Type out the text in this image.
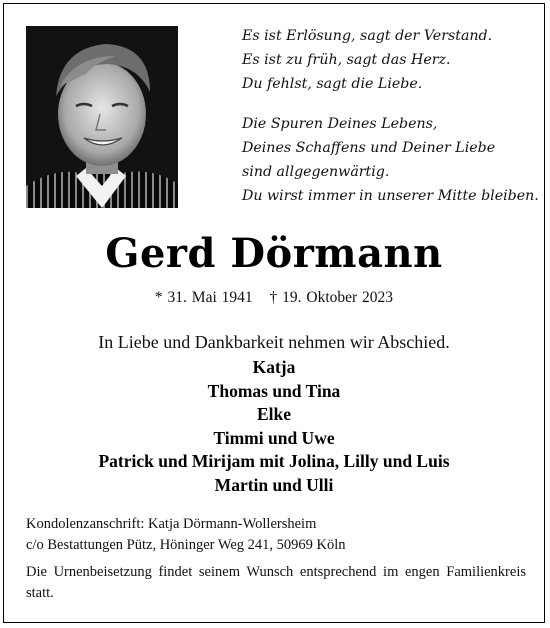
Es ist Erlösung, sagt der Verstand.
Es ist zu früh, sagt das Herz.
Du fehlst, sagt die Liebe.
Die Spuren Deines Lebens,
Deines Schaffens und Deiner Liebe
sind allgegenwärtig.
Du wirst immer in unserer Mitte bleiben.
Gerd Dörmann
* 31. Mai 1941 † 19. Oktober 2023
In Liebe und Dankbarkeit nehmen wir Abschied.
Katja
Thomas und Tina
Elke
Timmi und Uwe
Patrick und Mirijam mit Jolina, Lilly und Luis
Martin und Ulli
Kondolenzanschrift: Katja Dörmann-Wollersheim
c/o Bestattungen Pütz, Höninger Weg 241, 50969 Köln
Die Urnenbeisetzung findet seinem Wunsch entsprechend im engen Familienkreis statt.
